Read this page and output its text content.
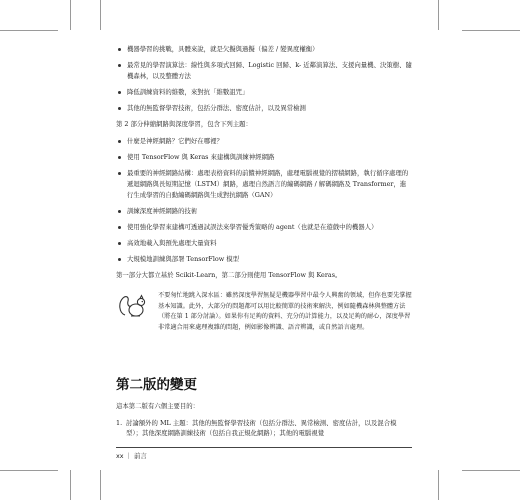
機器學習的挑戰，具體來說，就是欠擬與過擬（偏差 / 變異度權衡）
最常見的學習演算法：線性與多項式回歸、Logistic 回歸、k- 近鄰演算法、支援向量機、決策樹、隨機森林，以及整體方法
降低訓練資料的維數，來對抗「維數詛咒」
其他的無監督學習技術，包括分群法、密度估計，以及異常檢測

第 2 部分伸縮網路與深度學習，包含下列主題：

什麼是神經網路？它們好在哪裡？
使用 TensorFlow 與 Keras 來建構與訓練神經網路
最重要的神經網路結構：處理表格資料的前饋神經網路，處理電腦視覺的摺積網路，執行循序處理的遞迴網路與長短期記憶（LSTM）網路，處理自然語言的編碼網路 / 解碼網路及 Transformer，進行生成學習的自動編碼網路與生成對抗網路（GAN）
訓練深度神經網路的技術
使用強化學習來建構可透過試誤法來學習優秀策略的 agent（也就是在遊戲中的機器人）
高效地載入與預先處理大量資料
大規模地訓練與部署 TensorFlow 模型

第一部分大都立基於 Scikit-Learn，第二部分則使用 TensorFlow 與 Keras。

不要匆忙地跳入深水區：雖然深度學習無疑是機器學習中最令人興奮的領域，但你也要先掌握基本知識。此外，大部分的問題都可以用比較簡單的技術來解決，例如隨機森林與整體方法（將在第 1 部分討論）。如果你有足夠的資料、充分的計算能力，以及足夠的耐心，深度學習非常適合用來處理複雜的問題，例如影像辨識、語音辨識，或自然語言處理。

第二版的變更

這本第二版有六個主要目的：

1. 討論額外的 ML 主題：其他的無監督學習技術（包括分群法、異常檢測、密度估計，以及混合模型）；其他深度網路訓練技術（包括自我正規化網路）；其他的電腦視覺
xx ｜ 前言
